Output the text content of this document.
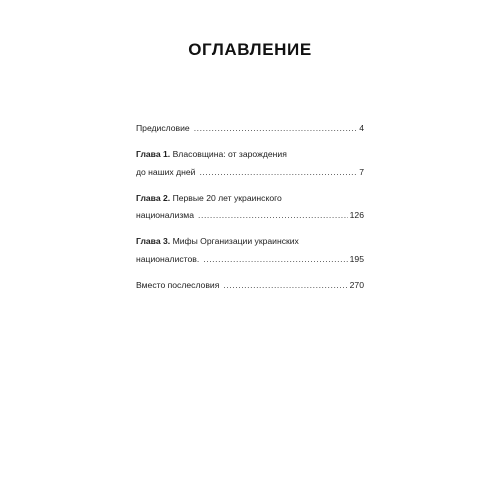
ОГЛАВЛЕНИЕ
Предисловие . . .	4
Глава 1. Власовщина: от зарождения
до наших дней . . .	7
Глава 2. Первые 20 лет украинского
национализма . . .	126
Глава 3. Мифы Организации украинских
националистов. . . .	195
Вместо послесловия . . .	270
